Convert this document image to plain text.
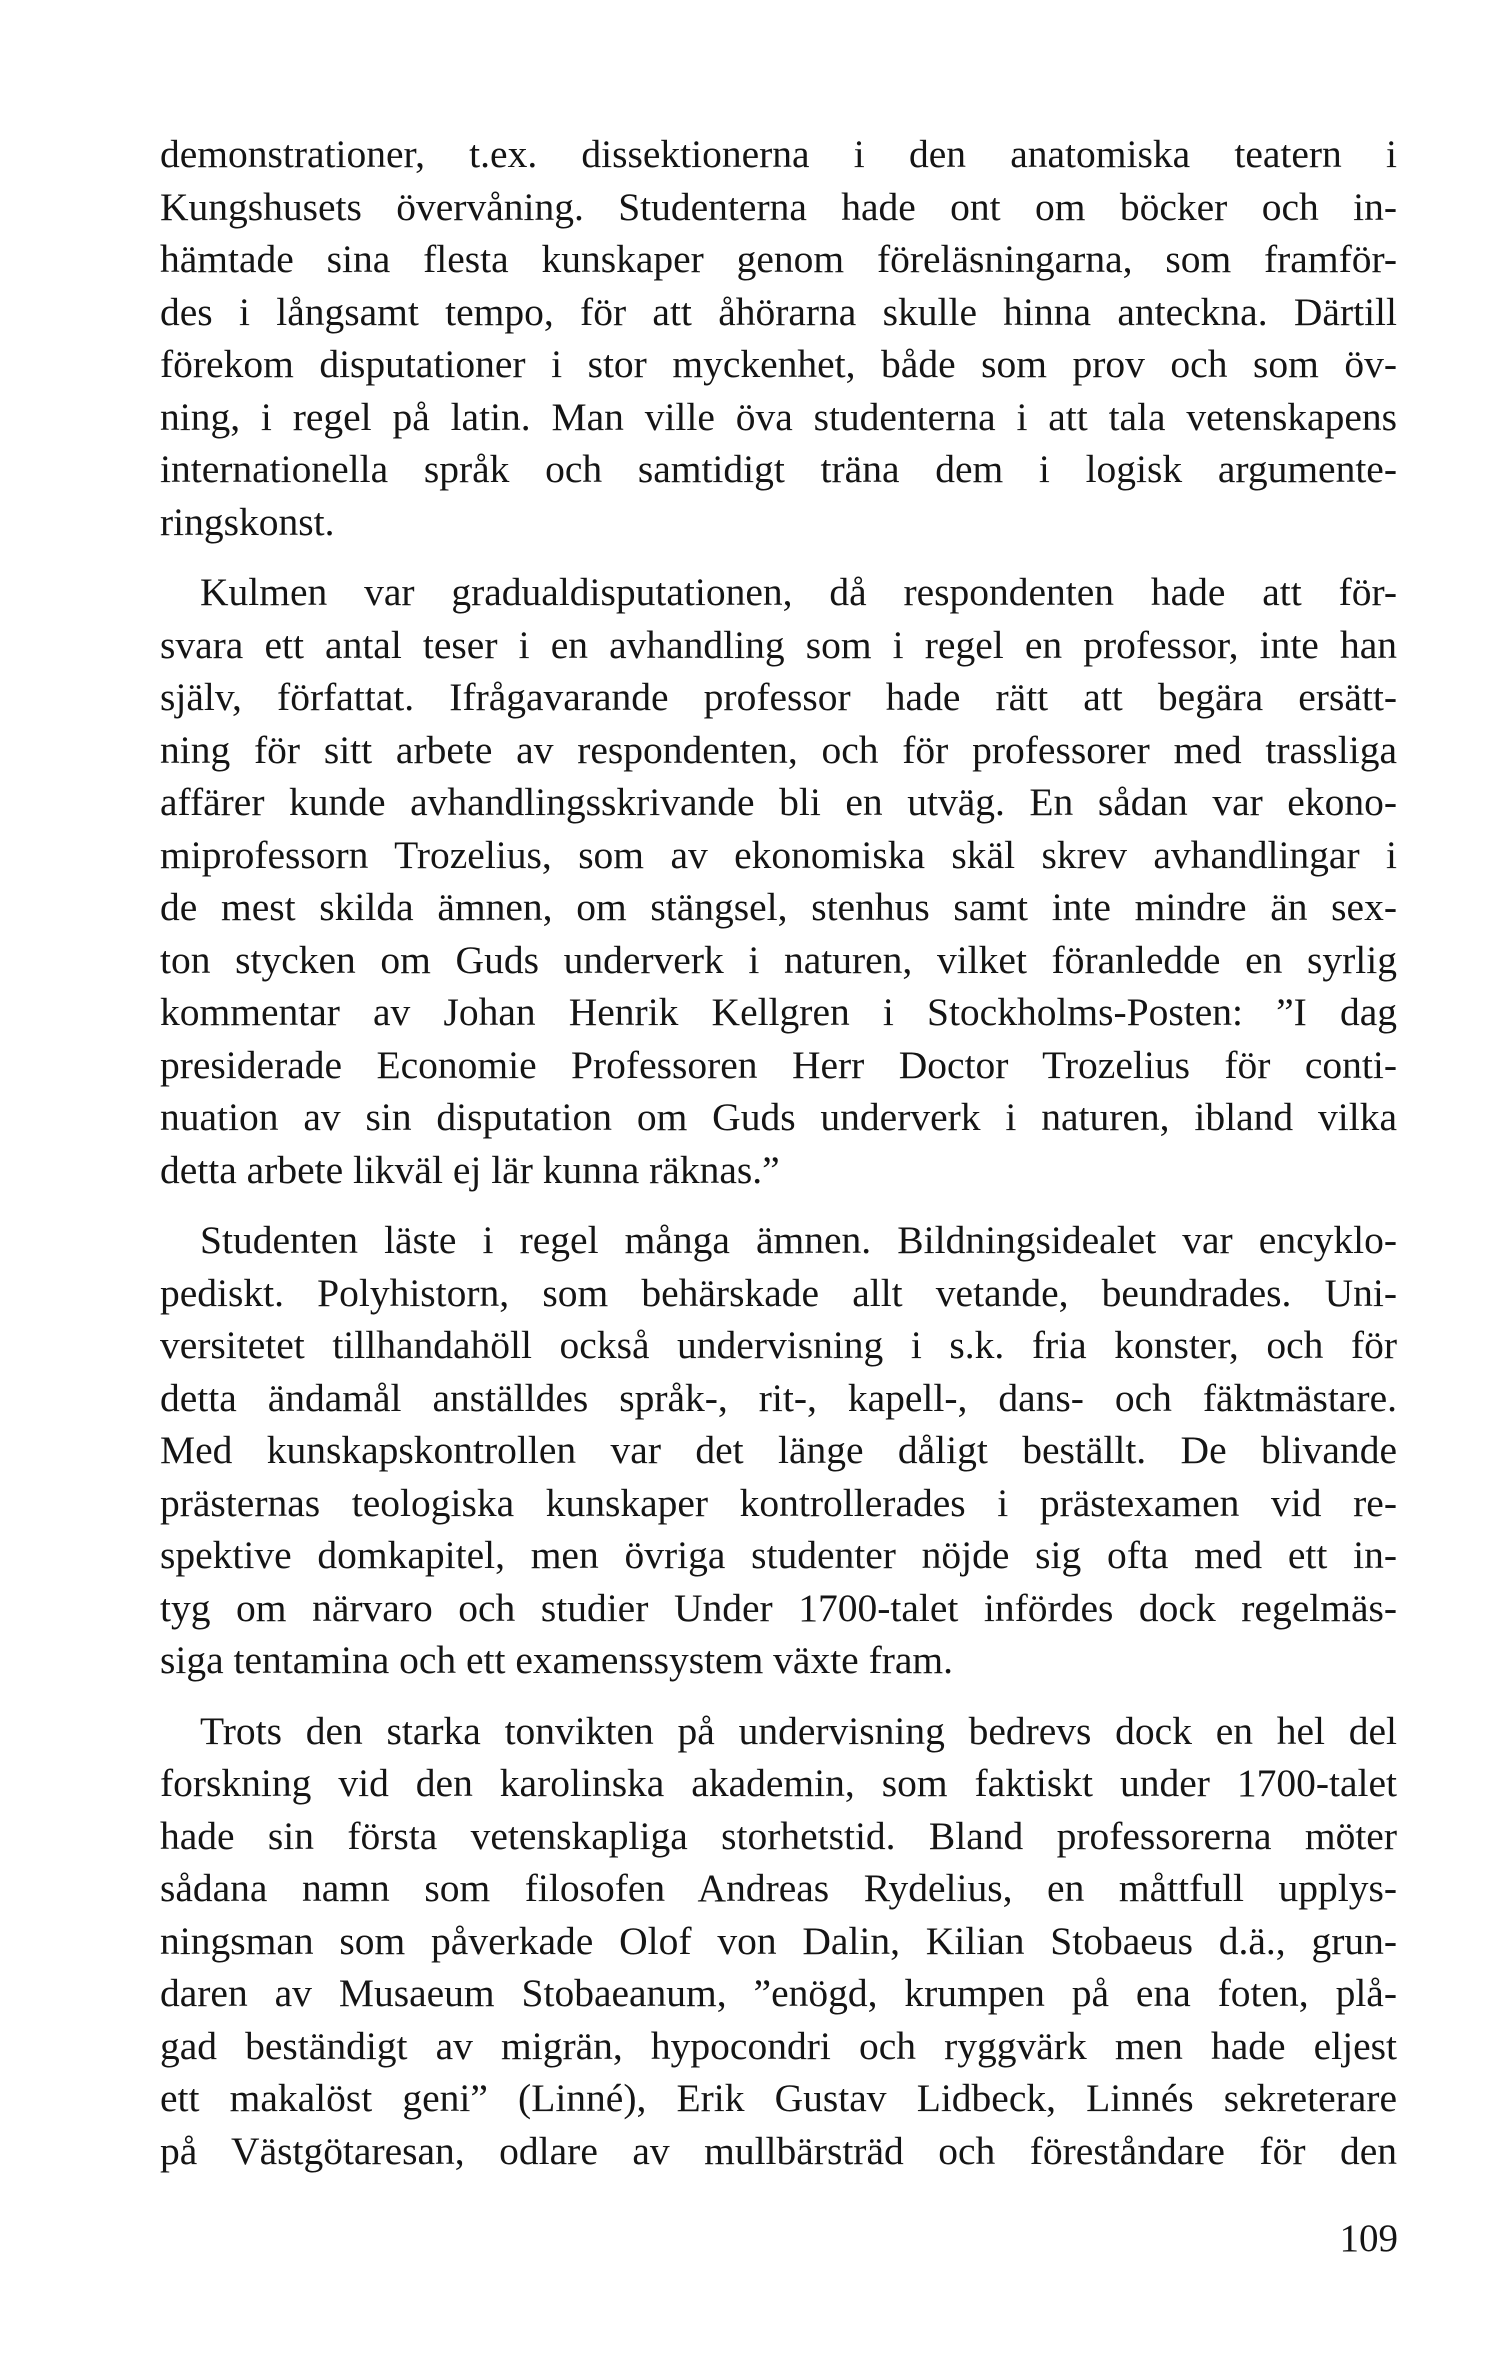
demonstrationer, t.ex. dissektionerna i den anatomiska teatern i
Kungshusets övervåning. Studenterna hade ont om böcker och in-
hämtade sina flesta kunskaper genom föreläsningarna, som framför-
des i långsamt tempo, för att åhörarna skulle hinna anteckna. Därtill
förekom disputationer i stor myckenhet, både som prov och som öv-
ning, i regel på latin. Man ville öva studenterna i att tala vetenskapens
internationella språk och samtidigt träna dem i logisk argumente-
ringskonst.

Kulmen var gradualdisputationen, då respondenten hade att för-
svara ett antal teser i en avhandling som i regel en professor, inte han
själv, författat. Ifrågavarande professor hade rätt att begära ersätt-
ning för sitt arbete av respondenten, och för professorer med trassliga
affärer kunde avhandlingsskrivande bli en utväg. En sådan var ekono-
miprofessorn Trozelius, som av ekonomiska skäl skrev avhandlingar i
de mest skilda ämnen, om stängsel, stenhus samt inte mindre än sex-
ton stycken om Guds underverk i naturen, vilket föranledde en syrlig
kommentar av Johan Henrik Kellgren i Stockholms-Posten: ”I dag
presiderade Economie Professoren Herr Doctor Trozelius för conti-
nuation av sin disputation om Guds underverk i naturen, ibland vilka
detta arbete likväl ej lär kunna räknas.”

Studenten läste i regel många ämnen. Bildningsidealet var encyklo-
pediskt. Polyhistorn, som behärskade allt vetande, beundrades. Uni-
versitetet tillhandahöll också undervisning i s.k. fria konster, och för
detta ändamål anställdes språk-, rit-, kapell-, dans- och fäktmästare.
Med kunskapskontrollen var det länge dåligt beställt. De blivande
prästernas teologiska kunskaper kontrollerades i prästexamen vid re-
spektive domkapitel, men övriga studenter nöjde sig ofta med ett in-
tyg om närvaro och studier Under 1700-talet infördes dock regelmäs-
siga tentamina och ett examenssystem växte fram.

Trots den starka tonvikten på undervisning bedrevs dock en hel del
forskning vid den karolinska akademin, som faktiskt under 1700-talet
hade sin första vetenskapliga storhetstid. Bland professorerna möter
sådana namn som filosofen Andreas Rydelius, en måttfull upplys-
ningsman som påverkade Olof von Dalin, Kilian Stobaeus d.ä., grun-
daren av Musaeum Stobaeanum, ”enögd, krumpen på ena foten, plå-
gad beständigt av migrän, hypocondri och ryggvärk men hade eljest
ett makalöst geni” (Linné), Erik Gustav Lidbeck, Linnés sekreterare
på Västgötaresan, odlare av mullbärsträd och föreståndare för den

109
